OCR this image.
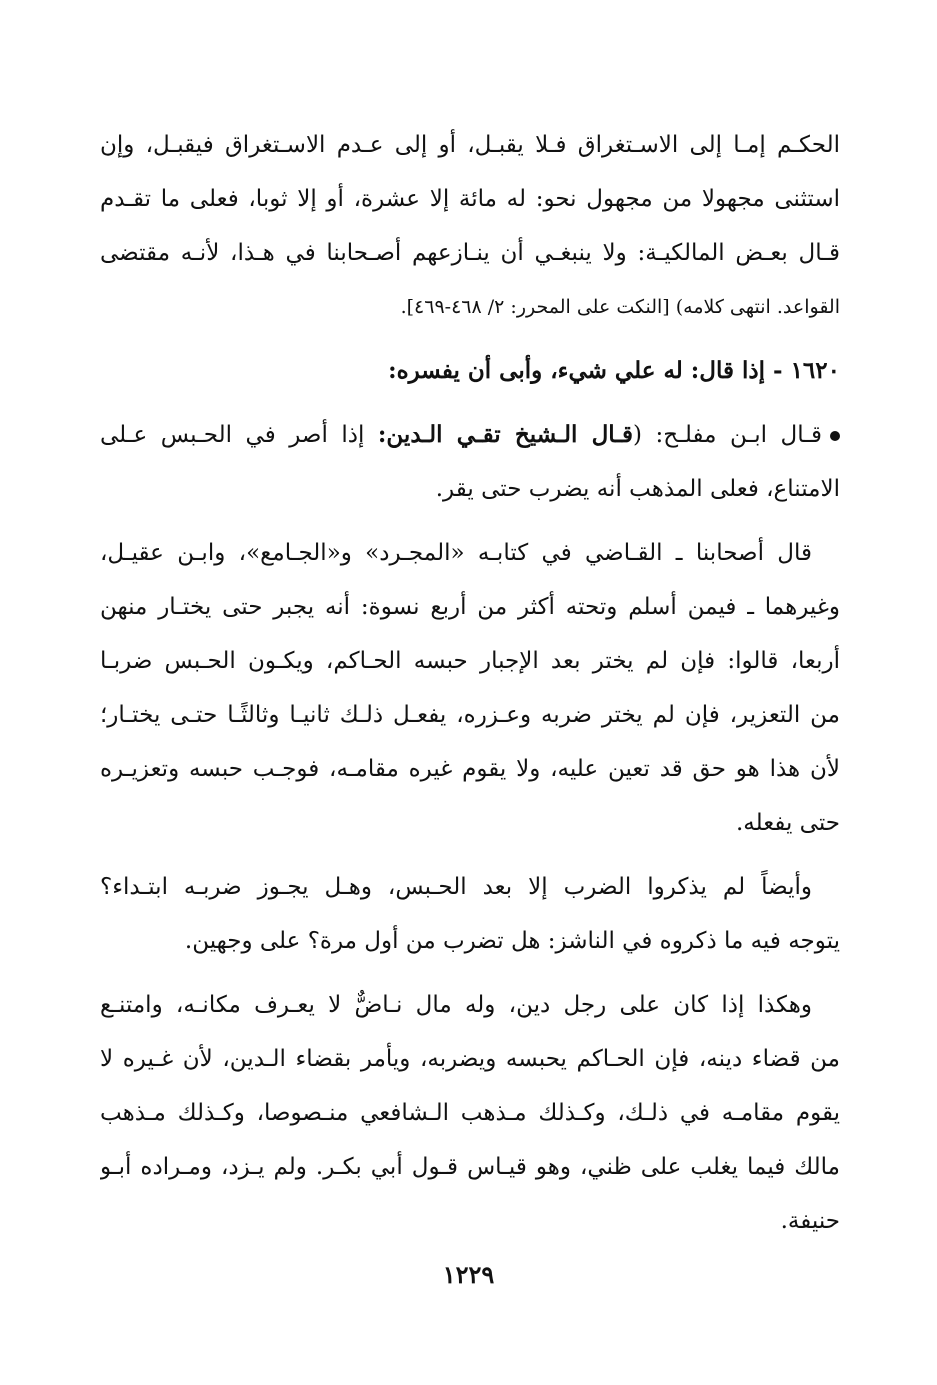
الحكـم إمـا إلى الاسـتغراق فـلا يقبـل، أو إلى عـدم الاسـتغراق فيقبـل، وإن
استثنى مجهولا من مجهول نحو: له مائة إلا عشرة، أو إلا ثوبا، فعلى ما تقـدم
قـال بعـض المالكيـة: ولا ينبغـي أن ينـازعهم أصـحابنا في هـذا، لأنـه مقتضى
القواعد. انتهى كلامه) [النكت على المحرر: ٢/ ٤٦٨-٤٦٩].
١٦٢٠ - إذا قال: له علي شيء، وأبى أن يفسره:
قـال ابـن مفلـح: (قـال الـشيخ تقـي الـدين: إذا أصر في الحـبس عـلى
الامتناع، فعلى المذهب أنه يضرب حتى يقر.
قال أصحابنا ـ القـاضي في كتابـه «المجـرد» و«الجـامع»، وابـن عقيـل،
وغيرهما ـ فيمن أسلم وتحته أكثر من أربع نسوة: أنه يجبر حتى يختـار منهن
أربعا، قالوا: فإن لم يختر بعد الإجبار حبسه الحـاكم، ويكـون الحـبس ضربـا
من التعزير، فإن لم يختر ضربه وعـزره، يفعـل ذلـك ثانيـا وثالثًـا حتـى يختـار؛
لأن هذا هو حق قد تعين عليه، ولا يقوم غيره مقامـه، فوجـب حبسه وتعزيـره
حتى يفعله.
وأيضاً لم يذكروا الضرب إلا بعد الحـبس، وهـل يجـوز ضربـه ابتـداء؟
يتوجه فيه ما ذكروه في الناشز: هل تضرب من أول مرة؟ على وجهين.
وهكذا إذا كان على رجل دين، وله مال نـاضٌّ لا يعـرف مكانـه، وامتنـع
من قضاء دينه، فإن الحـاكم يحبسه ويضربه، ويأمر بقضاء الـدين، لأن غـيره لا
يقوم مقامـه في ذلـك، وكـذلك مـذهب الـشافعي منـصوصا، وكـذلك مـذهب
مالك فيما يغلب على ظني، وهو قيـاس قـول أبي بكـر. ولم يـزد، ومـراده أبـو
حنيفة.
١٢٢٩
